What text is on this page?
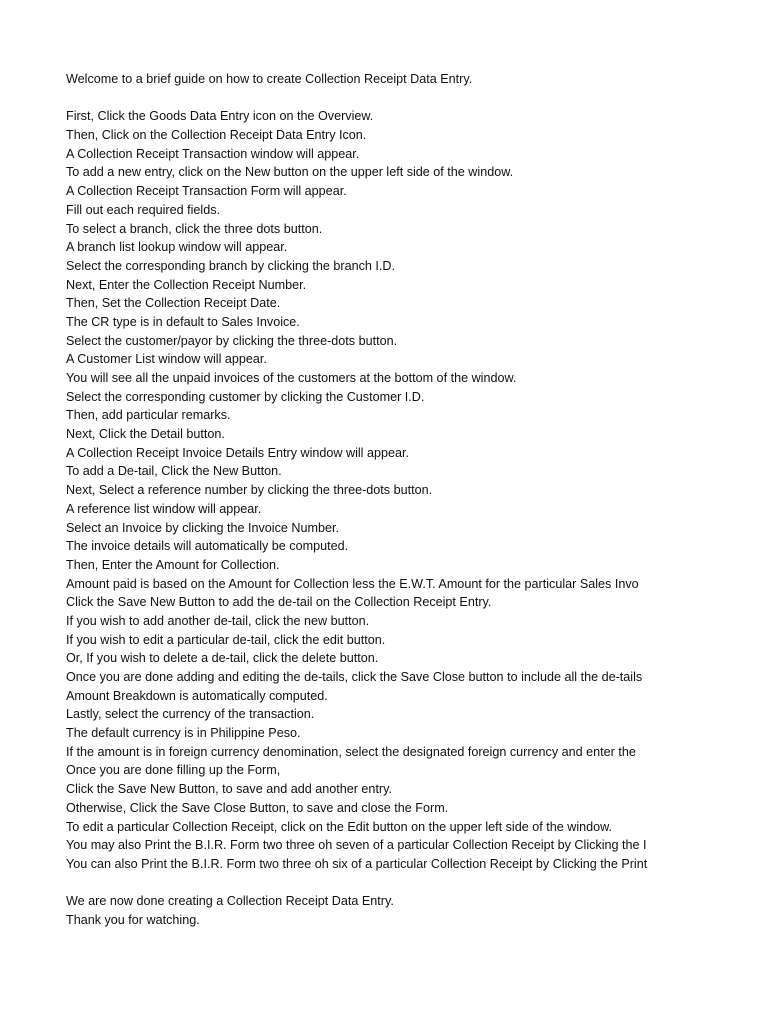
Welcome to a brief guide on how to create Collection Receipt Data Entry.
First, Click the Goods Data Entry icon on the Overview.
Then, Click on the Collection Receipt Data Entry Icon.
A Collection Receipt Transaction window will appear.
To add a new entry, click on the New button on the upper left side of the window.
A Collection Receipt Transaction Form will appear.
Fill out each required fields.
To select a branch, click the three dots button.
A branch list lookup window will appear.
Select the corresponding branch by clicking the branch I.D.
Next, Enter the Collection Receipt Number.
Then, Set the Collection Receipt Date.
The CR type is in default to Sales Invoice.
Select the customer/payor by clicking the three-dots button.
A Customer List window will appear.
You will see all the unpaid invoices of the customers at the bottom of the window.
Select the corresponding customer by clicking the Customer I.D.
Then, add particular remarks.
Next, Click the Detail button.
A Collection Receipt Invoice Details Entry window will appear.
To add a De-tail, Click the New Button.
Next, Select a reference number by clicking the three-dots button.
A reference list window will appear.
Select an Invoice by clicking the Invoice Number.
The invoice details will automatically be computed.
Then, Enter the Amount for Collection.
Amount paid is based on the Amount for Collection less the E.W.T. Amount for the particular Sales Invo
Click the Save New Button to add the de-tail on the Collection Receipt Entry.
If you wish to add another de-tail, click the new button.
If you wish to edit a particular de-tail, click the edit button.
Or, If you wish to delete a de-tail, click the delete button.
Once you are done adding and editing the de-tails, click the Save Close button to include all the de-tails
Amount Breakdown is automatically computed.
Lastly, select the currency of the transaction.
The default currency is in Philippine Peso.
If the amount is in foreign currency denomination, select the designated foreign currency and enter the
Once you are done filling up the Form,
Click the Save New Button, to save and add another entry.
Otherwise, Click the Save Close Button, to save and close the Form.
To edit a particular Collection Receipt, click on the Edit button on the upper left side of the window.
You may also Print the B.I.R. Form two three oh seven of a particular Collection Receipt by Clicking the I
You can also Print the B.I.R. Form two three oh six of a particular Collection Receipt by Clicking the Print
We are now done creating a Collection Receipt Data Entry.
Thank you for watching.
